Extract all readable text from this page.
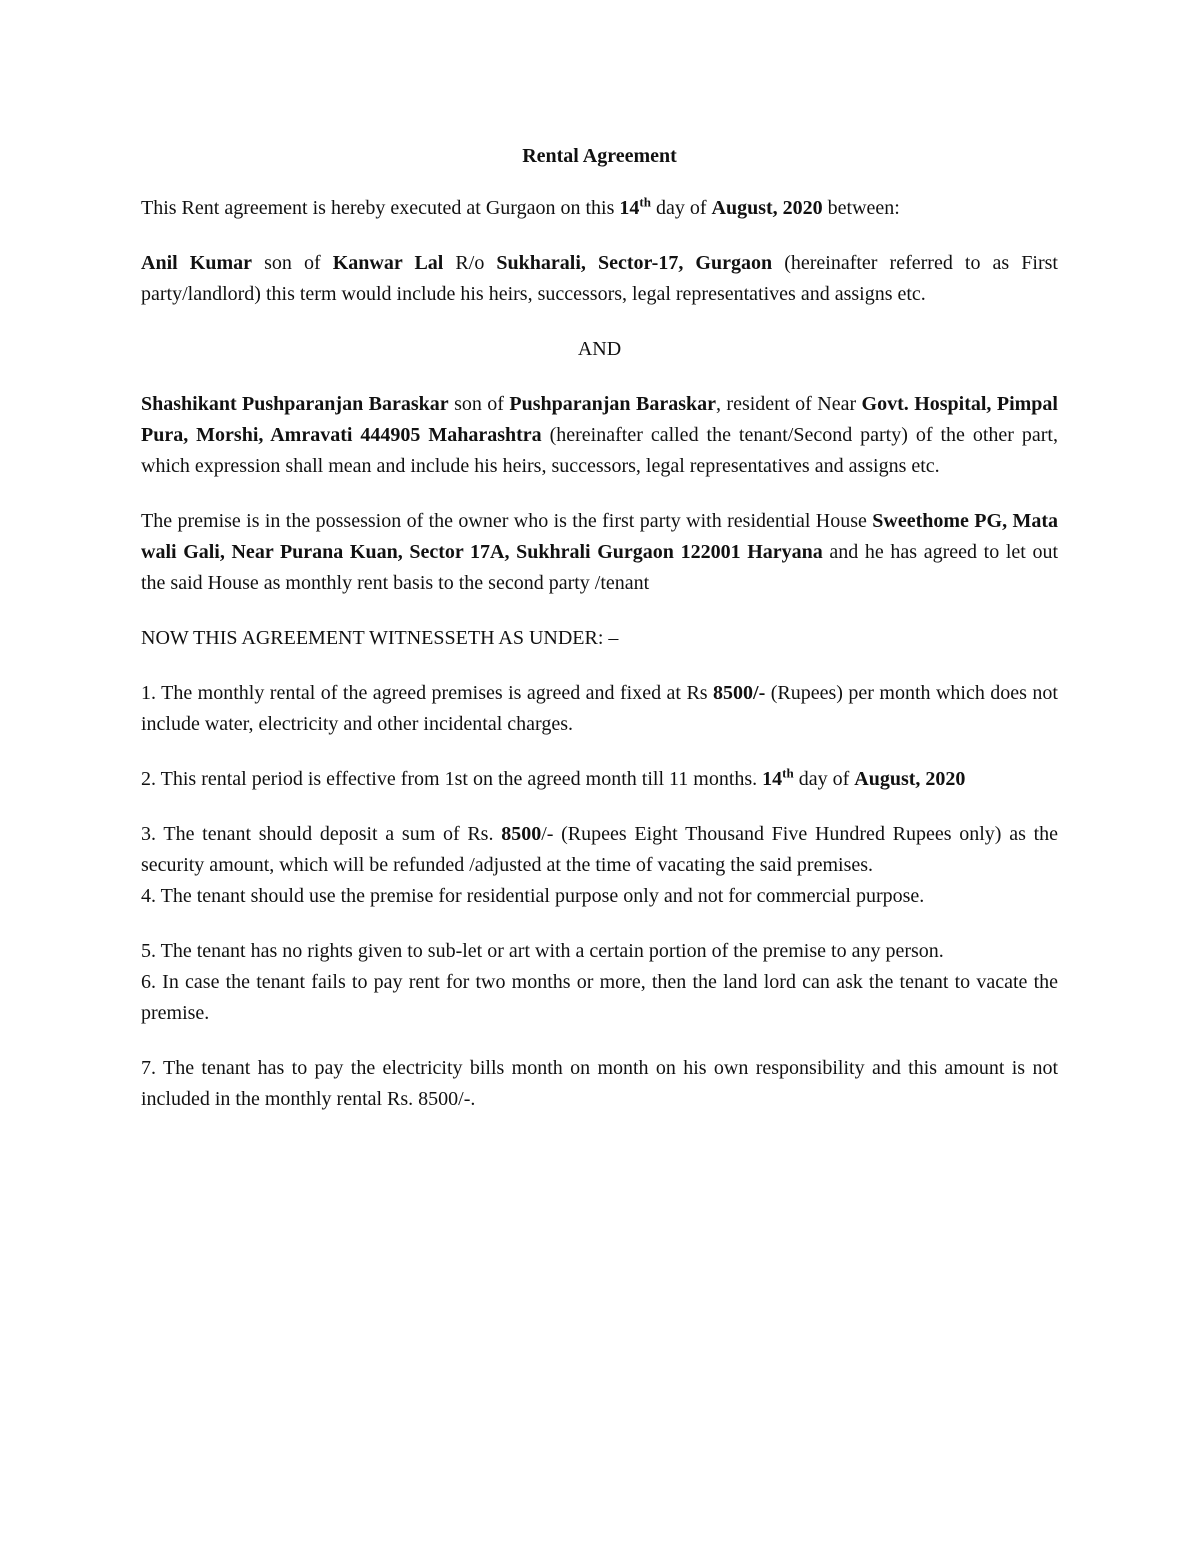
Rental Agreement

This Rent agreement is hereby executed at Gurgaon on this 14th day of August, 2020 between:

Anil Kumar son of Kanwar Lal R/o Sukharali, Sector-17, Gurgaon (hereinafter referred to as First party/landlord) this term would include his heirs, successors, legal representatives and assigns etc.

AND

Shashikant Pushparanjan Baraskar son of Pushparanjan Baraskar, resident of Near Govt. Hospital, Pimpal Pura, Morshi, Amravati 444905 Maharashtra (hereinafter called the tenant/Second party) of the other part, which expression shall mean and include his heirs, successors, legal representatives and assigns etc.

The premise is in the possession of the owner who is the first party with residential House Sweethome PG, Mata wali Gali, Near Purana Kuan, Sector 17A, Sukhrali Gurgaon 122001 Haryana and he has agreed to let out the said House as monthly rent basis to the second party /tenant

NOW THIS AGREEMENT WITNESSETH AS UNDER: –

1. The monthly rental of the agreed premises is agreed and fixed at Rs 8500/- (Rupees) per month which does not include water, electricity and other incidental charges.

2. This rental period is effective from 1st on the agreed month till 11 months. 14th day of August, 2020

3. The tenant should deposit a sum of Rs. 8500/- (Rupees Eight Thousand Five Hundred Rupees only) as the security amount, which will be refunded /adjusted at the time of vacating the said premises.

4. The tenant should use the premise for residential purpose only and not for commercial purpose.

5. The tenant has no rights given to sub-let or art with a certain portion of the premise to any person.

6. In case the tenant fails to pay rent for two months or more, then the land lord can ask the tenant to vacate the premise.

7. The tenant has to pay the electricity bills month on month on his own responsibility and this amount is not included in the monthly rental Rs. 8500/-.
